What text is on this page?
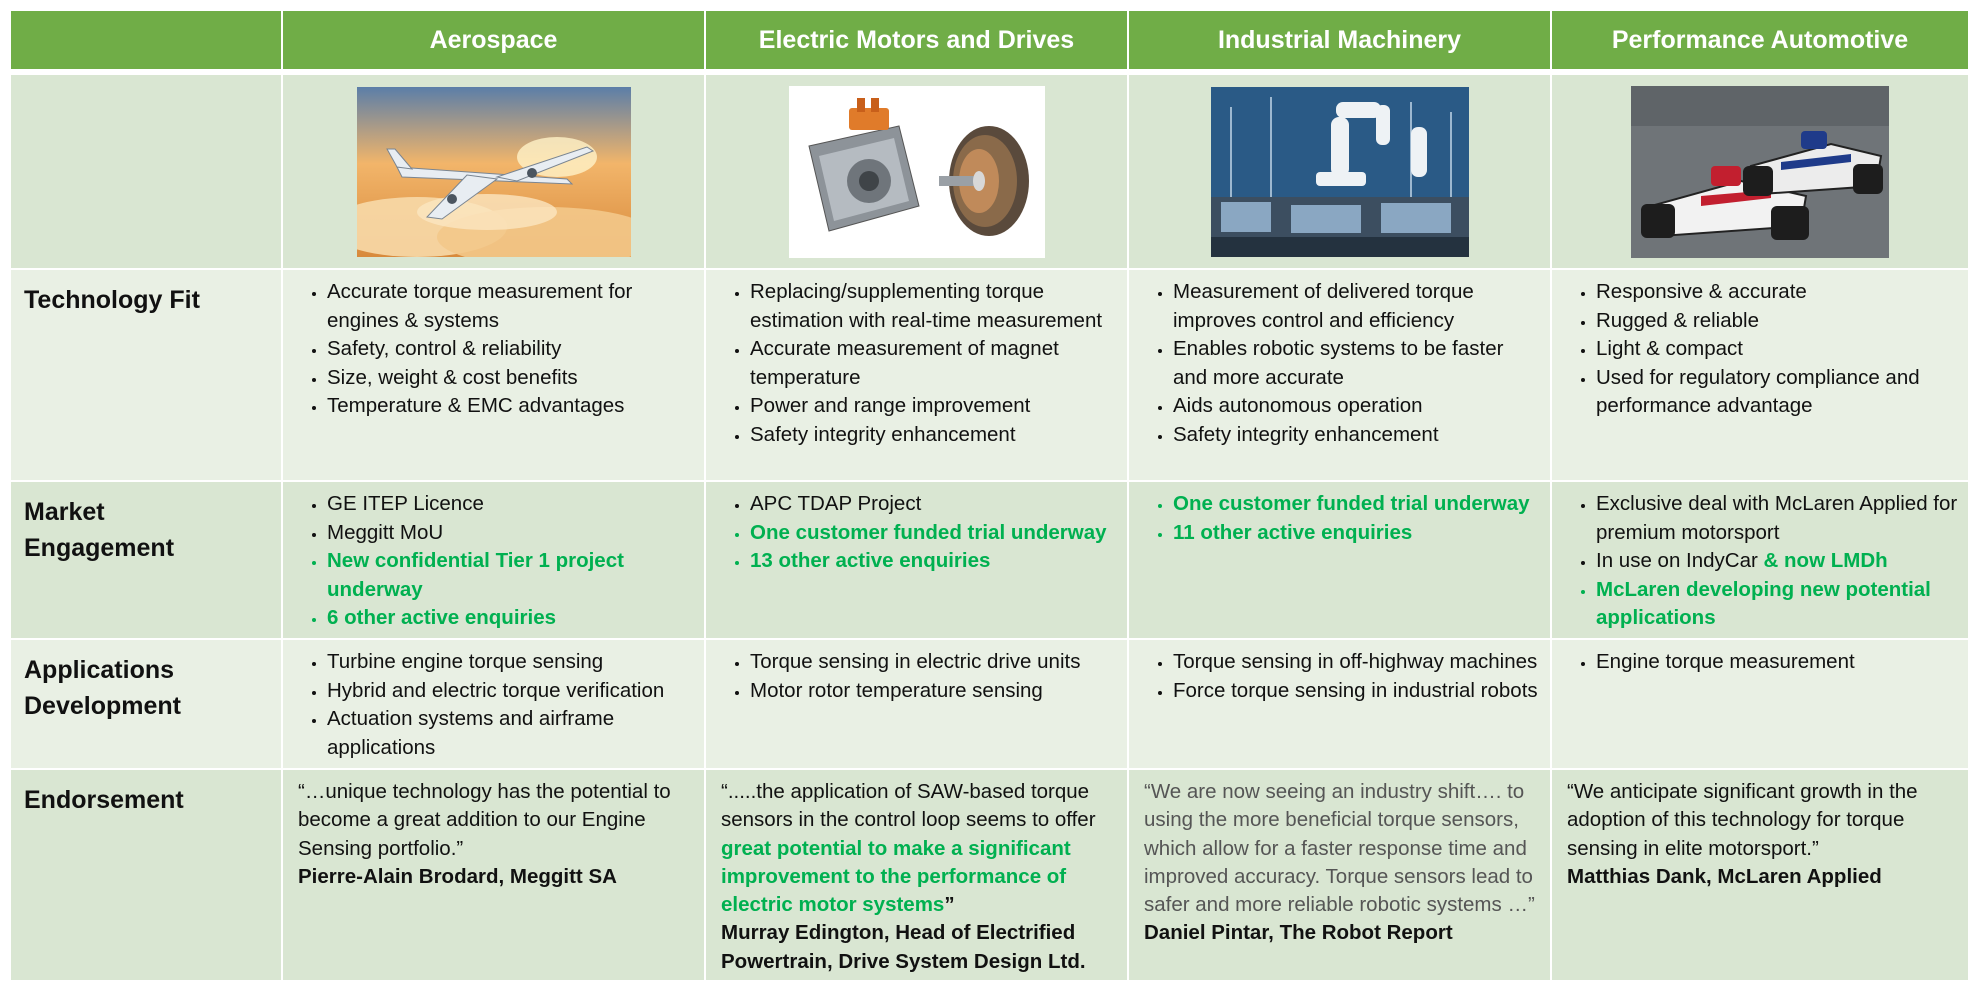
Aerospace	Electric Motors and Drives	Industrial Machinery	Performance Automotive
Technology Fit
•	Accurate torque measurement for engines & systems
• Safety, control & reliability
• Size, weight & cost benefits
• Temperature & EMC advantages
• Replacing/supplementing torque estimation with real-time measurement
• Accurate measurement of magnet temperature
• Power and range improvement
• Safety integrity enhancement
• Measurement of delivered torque improves control and efficiency
• Enables robotic systems to be faster and more accurate
• Aids autonomous operation
• Safety integrity enhancement
• Responsive & accurate
• Rugged & reliable
• Light & compact
• Used for regulatory compliance and performance advantage
Market
Engagement
• GE ITEP Licence
• Meggitt MoU
• New confidential Tier 1 project underway
• 6 other active enquiries
• APC TDAP Project
• One customer funded trial underway
• 13 other active enquiries
• One customer funded trial underway
• 11 other active enquiries
• Exclusive deal with McLaren Applied for premium motorsport
• In use on IndyCar & now LMDh
• McLaren developing new potential applications
Applications
Development
• Turbine engine torque sensing
• Hybrid and electric torque verification
• Actuation systems and airframe applications
• Torque sensing in electric drive units
• Motor rotor temperature sensing
• Torque sensing in off-highway machines
• Force torque sensing in industrial robots
• Engine torque measurement
Endorsement	“…unique technology has the potential to become a great addition to our Engine Sensing portfolio.”
Pierre-Alain Brodard, Meggitt SA
“.....the application of SAW-based torque sensors in the control loop seems to offer great potential to make a significant improvement to the performance of electric motor systems”
Murray Edington, Head of Electrified Powertrain, Drive System Design Ltd.
“We are now seeing an industry shift…. to using the more beneficial torque sensors, which allow for a faster response time and improved accuracy. Torque sensors lead to safer and more reliable robotic systems …”
Daniel Pintar, The Robot Report
“We anticipate significant growth in the adoption of this technology for torque sensing in elite motorsport.”
Matthias Dank, McLaren Applied
